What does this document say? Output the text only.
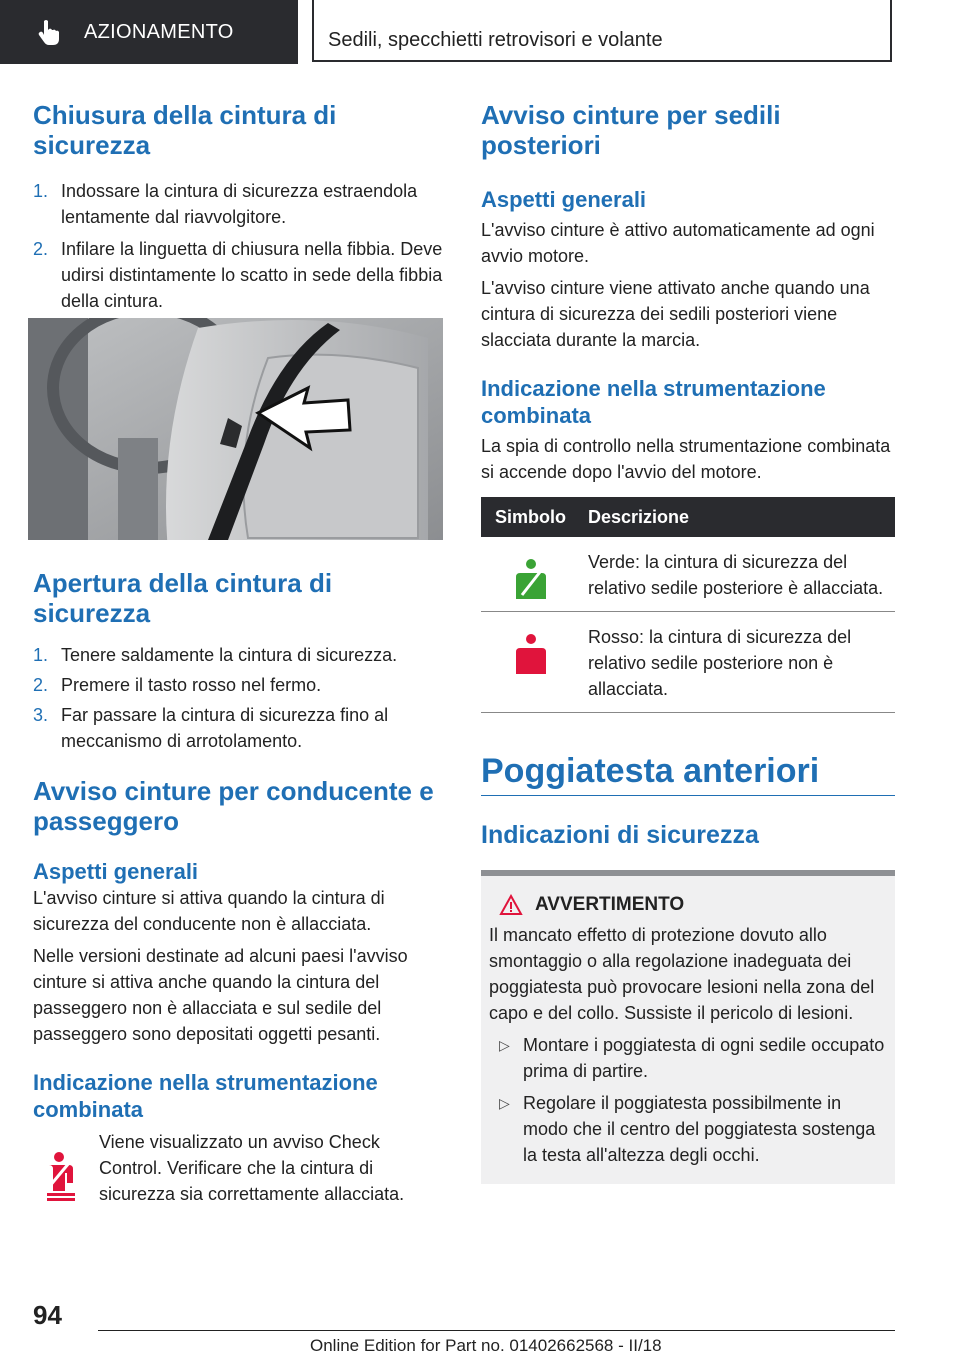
AZIONAMENTO	Sedili, specchietti retrovisori e volante
Chiusura della cintura di sicurezza
1. Indossare la cintura di sicurezza estraendola lentamente dal riavvolgitore.
2. Infilare la linguetta di chiusura nella fibbia. Deve udirsi distintamente lo scatto in sede della fibbia della cintura.
Apertura della cintura di sicurezza
1. Tenere saldamente la cintura di sicurezza.
2. Premere il tasto rosso nel fermo.
3. Far passare la cintura di sicurezza fino al meccanismo di arrotolamento.
Avviso cinture per conducente e passeggero
Aspetti generali

L'avviso cinture si attiva quando la cintura di sicurezza del conducente non è allacciata.

Nelle versioni destinate ad alcuni paesi l'avviso cinture si attiva anche quando la cintura del passeggero non è allacciata e sul sedile del passeggero sono depositati oggetti pesanti.

Indicazione nella strumentazione combinata

Viene visualizzato un avviso Check Control. Verificare che la cintura di sicurezza sia correttamente allacciata.

Avviso cinture per sedili posteriori
Aspetti generali

L'avviso cinture è attivo automaticamente ad ogni avvio motore.

L'avviso cinture viene attivato anche quando una cintura di sicurezza dei sedili posteriori viene slacciata durante la marcia.

Indicazione nella strumentazione combinata

La spia di controllo nella strumentazione combinata si accende dopo l'avvio del motore.

Simbolo	Descrizione
	Verde: la cintura di sicurezza del relativo sedile posteriore è allacciata.
	Rosso: la cintura di sicurezza del relativo sedile posteriore non è allacciata.
Poggiatesta anteriori
Indicazioni di sicurezza
AVVERTIMENTO

Il mancato effetto di protezione dovuto allo smontaggio o alla regolazione inadeguata dei poggiatesta può provocare lesioni nella zona del capo e del collo. Sussiste il pericolo di lesioni.

▷ Montare i poggiatesta di ogni sedile occupato prima di partire.
▷ Regolare il poggiatesta possibilmente in modo che il centro del poggiatesta sostenga la testa all'altezza degli occhi.
94
Online Edition for Part no. 01402662568 - II/18
